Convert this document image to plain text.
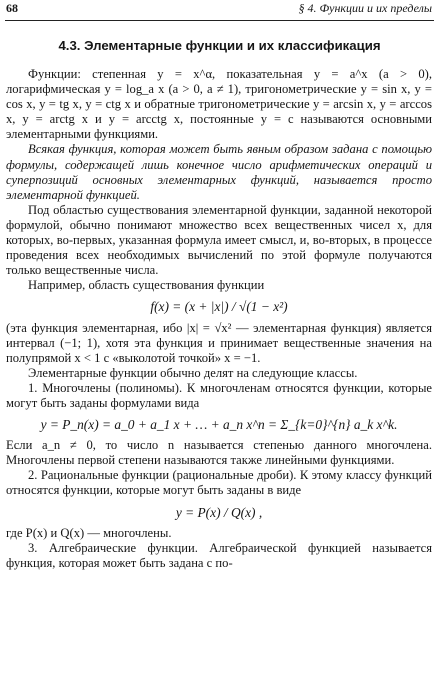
68	§ 4. Функции и их пределы
4.3. Элементарные функции и их классификация

Функции: степенная y = x^α, показательная y = a^x (a > 0), логарифмическая y = log_a x (a > 0, a ≠ 1), тригонометрические y = sin x, y = cos x, y = tg x, y = ctg x и обратные тригонометрические y = arcsin x, y = arccos x, y = arctg x и y = arcctg x, постоянные y = c называются основными элементарными функциями.

Всякая функция, которая может быть явным образом задана с помощью формулы, содержащей лишь конечное число арифметических операций и суперпозиций основных элементарных функций, называется просто элементарной функцией.

Под областью существования элементарной функции, заданной некоторой формулой, обычно понимают множество всех вещественных чисел x, для которых, во-первых, указанная формула имеет смысл, и, во-вторых, в процессе проведения всех необходимых вычислений по этой формуле получаются только вещественные числа.

Например, область существования функции

f(x) = (x + |x|) / √(1 − x²)

(эта функция элементарная, ибо |x| = √x² — элементарная функция) является интервал (−1; 1), хотя эта функция и принимает вещественные значения на полупрямой x < 1 с «выколотой точкой» x = −1.

Элементарные функции обычно делят на следующие классы.

1. Многочлены (полиномы). К многочленам относятся функции, которые могут быть заданы формулами вида

y = P_n(x) = a_0 + a_1 x + … + a_n x^n = Σ_{k=0}^{n} a_k x^k.

Если a_n ≠ 0, то число n называется степенью данного многочлена. Многочлены первой степени называются также линейными функциями.

2. Рациональные функции (рациональные дроби). К этому классу функций относятся функции, которые могут быть заданы в виде

y = P(x) / Q(x) ,

где P(x) и Q(x) — многочлены.

3. Алгебраические функции. Алгебраической функцией называется функция, которая может быть задана с по-
